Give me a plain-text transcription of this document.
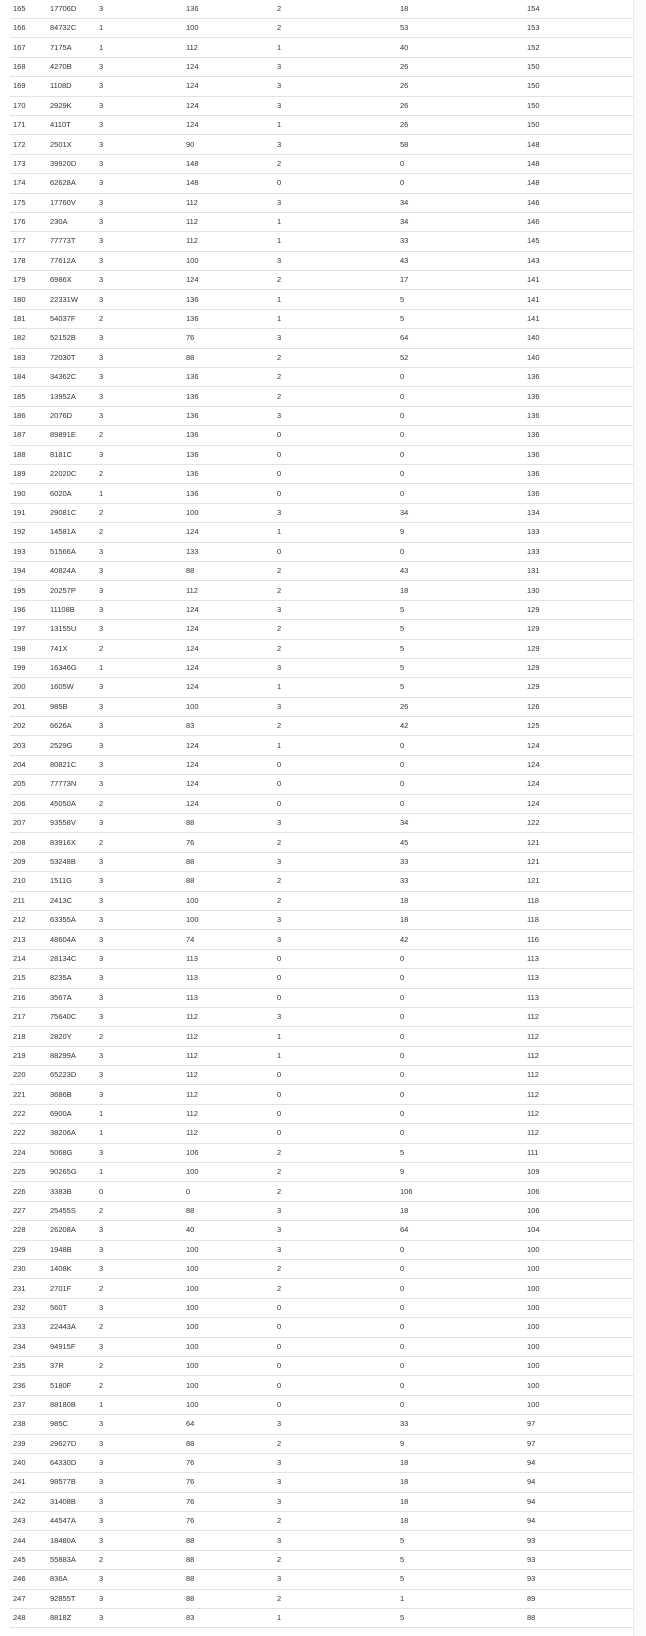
165	17706D	3	136	2	18	154
166	84732C	1	100	2	53	153
167	7175A	1	112	1	40	152
168	4270B	3	124	3	26	150
169	1108D	3	124	3	26	150
170	2929K	3	124	3	26	150
171	4110T	3	124	1	26	150
172	2501X	3	90	3	58	148
173	39920D	3	148	2	0	148
174	62628A	3	148	0	0	148
175	17760V	3	112	3	34	146
176	230A	3	112	1	34	146
177	77773T	3	112	1	33	145
178	77612A	3	100	3	43	143
179	6986X	3	124	2	17	141
180	22331W	3	136	1	5	141
181	54037F	2	136	1	5	141
182	52152B	3	76	3	64	140
183	72030T	3	88	2	52	140
184	34362C	3	136	2	0	136
185	13952A	3	136	2	0	136
186	2076D	3	136	3	0	136
187	89891E	2	136	0	0	136
188	8181C	3	136	0	0	136
189	22020C	2	136	0	0	136
190	6020A	1	136	0	0	136
191	29081C	2	100	3	34	134
192	14581A	2	124	1	9	133
193	51566A	3	133	0	0	133
194	40824A	3	88	2	43	131
195	20257P	3	112	2	18	130
196	11108B	3	124	3	5	129
197	13155U	3	124	2	5	129
198	741X	2	124	2	5	129
199	16346G	1	124	3	5	129
200	1605W	3	124	1	5	129
201	985B	3	100	3	26	126
202	6626A	3	83	2	42	125
203	2529G	3	124	1	0	124
204	80821C	3	124	0	0	124
205	77773N	3	124	0	0	124
206	45050A	2	124	0	0	124
207	93558V	3	88	3	34	122
208	83916X	2	76	2	45	121
209	53248B	3	88	3	33	121
210	1511G	3	88	2	33	121
211	2413C	3	100	2	18	118
212	63355A	3	100	3	18	118
213	48604A	3	74	3	42	116
214	28134C	3	113	0	0	113
215	8235A	3	113	0	0	113
216	3567A	3	113	0	0	113
217	75640C	3	112	3	0	112
218	2820Y	2	112	1	0	112
219	88299A	3	112	1	0	112
220	65223D	3	112	0	0	112
221	3686B	3	112	0	0	112
222	6900A	1	112	0	0	112
222	38206A	1	112	0	0	112
224	5068G	3	106	2	5	111
225	90265G	1	100	2	9	109
226	3383B	0	0	2	106	106
227	25455S	2	88	3	18	106
228	26208A	3	40	3	64	104
229	1948B	3	100	3	0	100
230	1408K	3	100	2	0	100
231	2701F	2	100	2	0	100
232	560T	3	100	0	0	100
233	22443A	2	100	0	0	100
234	94915F	3	100	0	0	100
235	37R	2	100	0	0	100
236	5180F	2	100	0	0	100
237	88180B	1	100	0	0	100
238	985C	3	64	3	33	97
239	29627D	3	88	2	9	97
240	64330D	3	76	3	18	94
241	98577B	3	76	3	18	94
242	31408B	3	76	3	18	94
243	44547A	3	76	2	18	94
244	18480A	3	88	3	5	93
245	55883A	2	88	2	5	93
246	836A	3	88	3	5	93
247	92855T	3	88	2	1	89
248	8818Z	3	83	1	5	88
